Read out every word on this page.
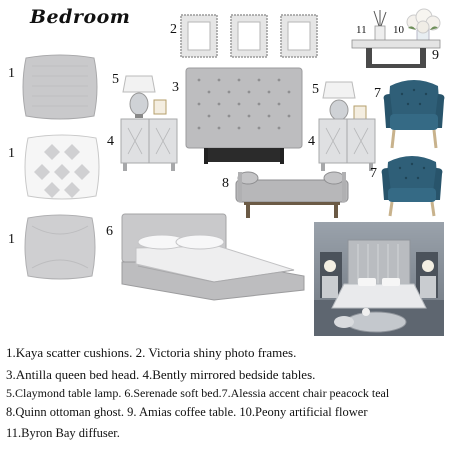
Bedroom
1
1
1
2	11 10
9
3
5
4
5
4
7
7
8
6
1.Kaya scatter cushions. 2. Victoria shiny photo frames.
3.Antilla queen bed head. 4.Bently mirrored bedside tables.
5.Claymond table lamp. 6.Serenade soft bed.7.Alessia accent chair peacock teal
8.Quinn ottoman ghost. 9. Amias coffee table. 10.Peony artificial flower
11.Byron Bay diffuser.
